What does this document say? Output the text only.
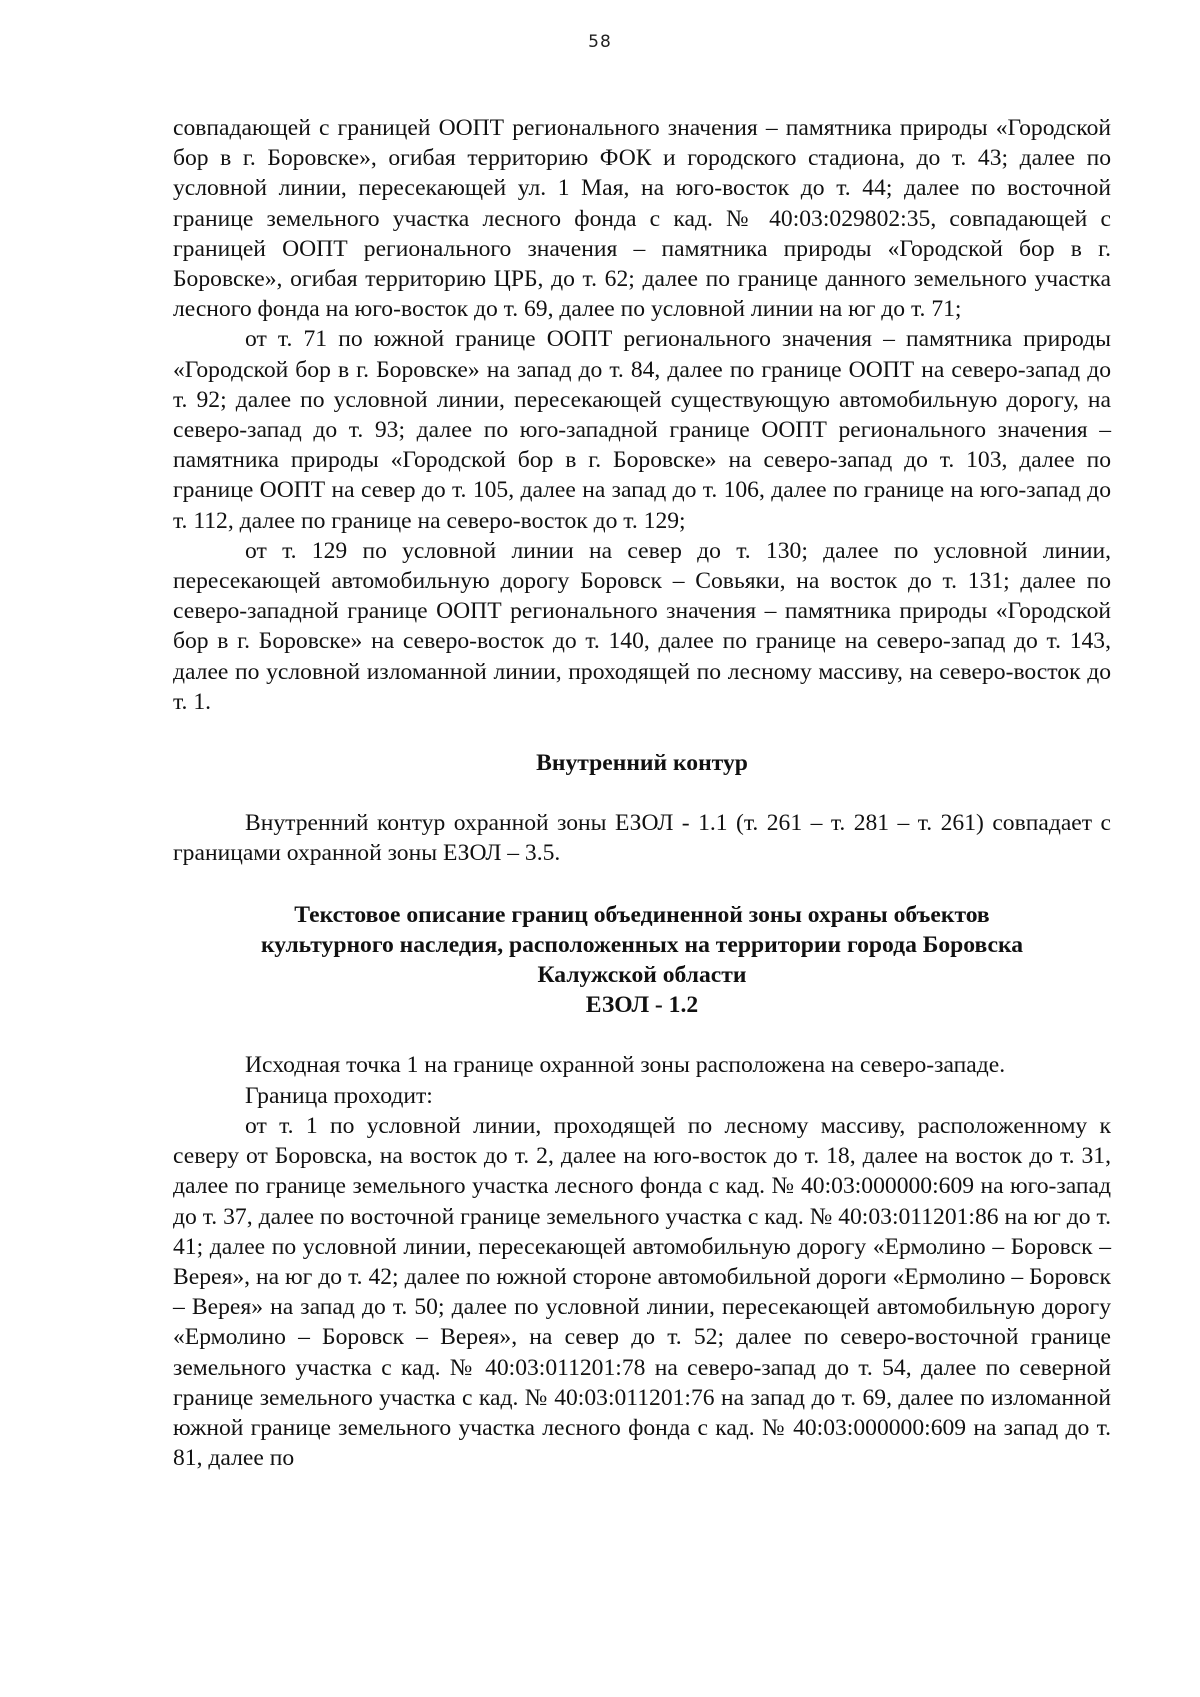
58

совпадающей с границей ООПТ регионального значения – памятника природы «Городской бор в г. Боровске», огибая территорию ФОК и городского стадиона, до т. 43; далее по условной линии, пересекающей ул. 1 Мая, на юго-восток до т. 44; далее по восточной границе земельного участка лесного фонда с кад. № 40:03:029802:35, совпадающей с границей ООПТ регионального значения – памятника природы «Городской бор в г. Боровске», огибая территорию ЦРБ, до т. 62; далее по границе данного земельного участка лесного фонда на юго-восток до т. 69, далее по условной линии на юг до т. 71;

от т. 71 по южной границе ООПТ регионального значения – памятника природы «Городской бор в г. Боровске» на запад до т. 84, далее по границе ООПТ на северо-запад до т. 92; далее по условной линии, пересекающей существующую автомобильную дорогу, на северо-запад до т. 93; далее по юго-западной границе ООПТ регионального значения – памятника природы «Городской бор в г. Боровске» на северо-запад до т. 103, далее по границе ООПТ на север до т. 105, далее на запад до т. 106, далее по границе на юго-запад до т. 112, далее по границе на северо-восток до т. 129;

от т. 129 по условной линии на север до т. 130; далее по условной линии, пересекающей автомобильную дорогу Боровск – Совьяки, на восток до т. 131; далее по северо-западной границе ООПТ регионального значения – памятника природы «Городской бор в г. Боровске» на северо-восток до т. 140, далее по границе на северо-запад до т. 143, далее по условной изломанной линии, проходящей по лесному массиву, на северо-восток до т. 1.

Внутренний контур

Внутренний контур охранной зоны ЕЗОЛ - 1.1 (т. 261 – т. 281 – т. 261) совпадает с границами охранной зоны ЕЗОЛ – 3.5.

Текстовое описание границ объединенной зоны охраны объектов
культурного наследия, расположенных на территории города Боровска
Калужской области
ЕЗОЛ - 1.2

Исходная точка 1 на границе охранной зоны расположена на северо-западе.

Граница проходит:

от т. 1 по условной линии, проходящей по лесному массиву, расположенному к северу от Боровска, на восток до т. 2, далее на юго-восток до т. 18, далее на восток до т. 31, далее по границе земельного участка лесного фонда с кад. № 40:03:000000:609 на юго-запад до т. 37, далее по восточной границе земельного участка с кад. № 40:03:011201:86 на юг до т. 41; далее по условной линии, пересекающей автомобильную дорогу «Ермолино – Боровск – Верея», на юг до т. 42; далее по южной стороне автомобильной дороги «Ермолино – Боровск – Верея» на запад до т. 50; далее по условной линии, пересекающей автомобильную дорогу «Ермолино – Боровск – Верея», на север до т. 52; далее по северо-восточной границе земельного участка с кад. № 40:03:011201:78 на северо-запад до т. 54, далее по северной границе земельного участка с кад. № 40:03:011201:76 на запад до т. 69, далее по изломанной южной границе земельного участка лесного фонда с кад. № 40:03:000000:609 на запад до т. 81, далее по
